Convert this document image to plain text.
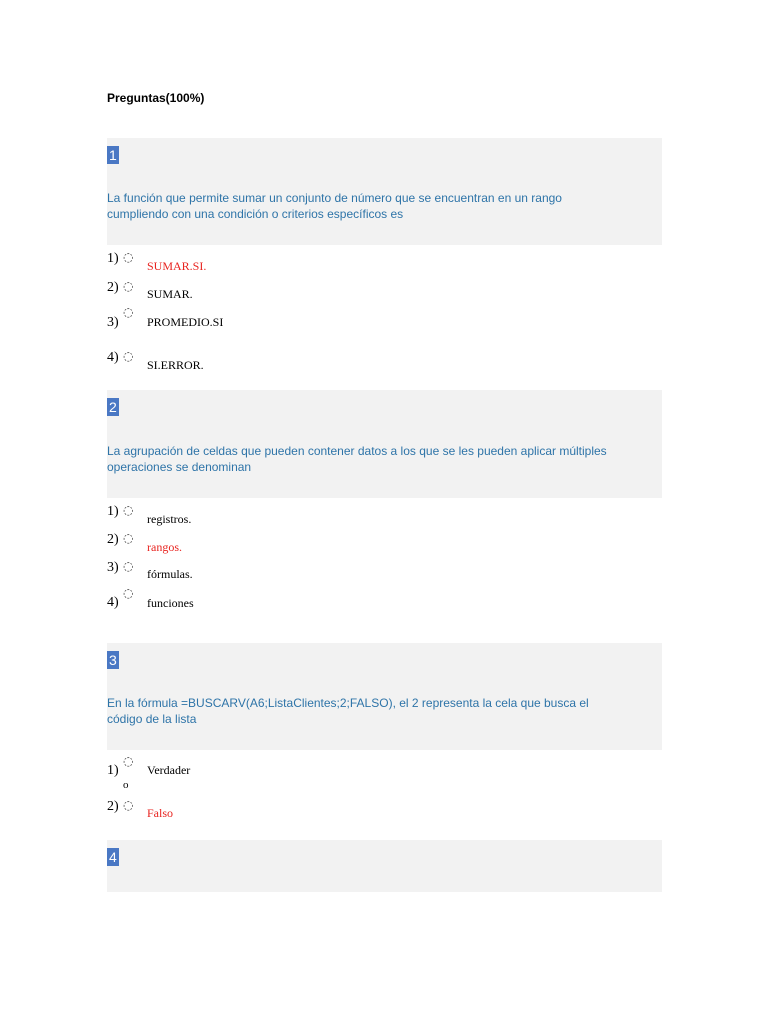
Preguntas(100%)
1
La función que permite sumar un conjunto de número que se encuentran en un rango
cumpliendo con una condición o criterios específicos es
1) ◌
SUMAR.SI.
2) ◌
SUMAR.
3)
◌
PROMEDIO.SI
4) ◌
SI.ERROR.
2
La agrupación de celdas que pueden contener datos a los que se les pueden aplicar múltiples
operaciones se denominan
1) ◌
registros.
2) ◌
rangos.
3) ◌
fórmulas.
4)
◌
funciones
3
En la fórmula =BUSCARV(A6;ListaClientes;2;FALSO), el 2 representa la cela que busca el
código de la lista
1)
◌
Verdader
o
2) ◌
Falso
4
